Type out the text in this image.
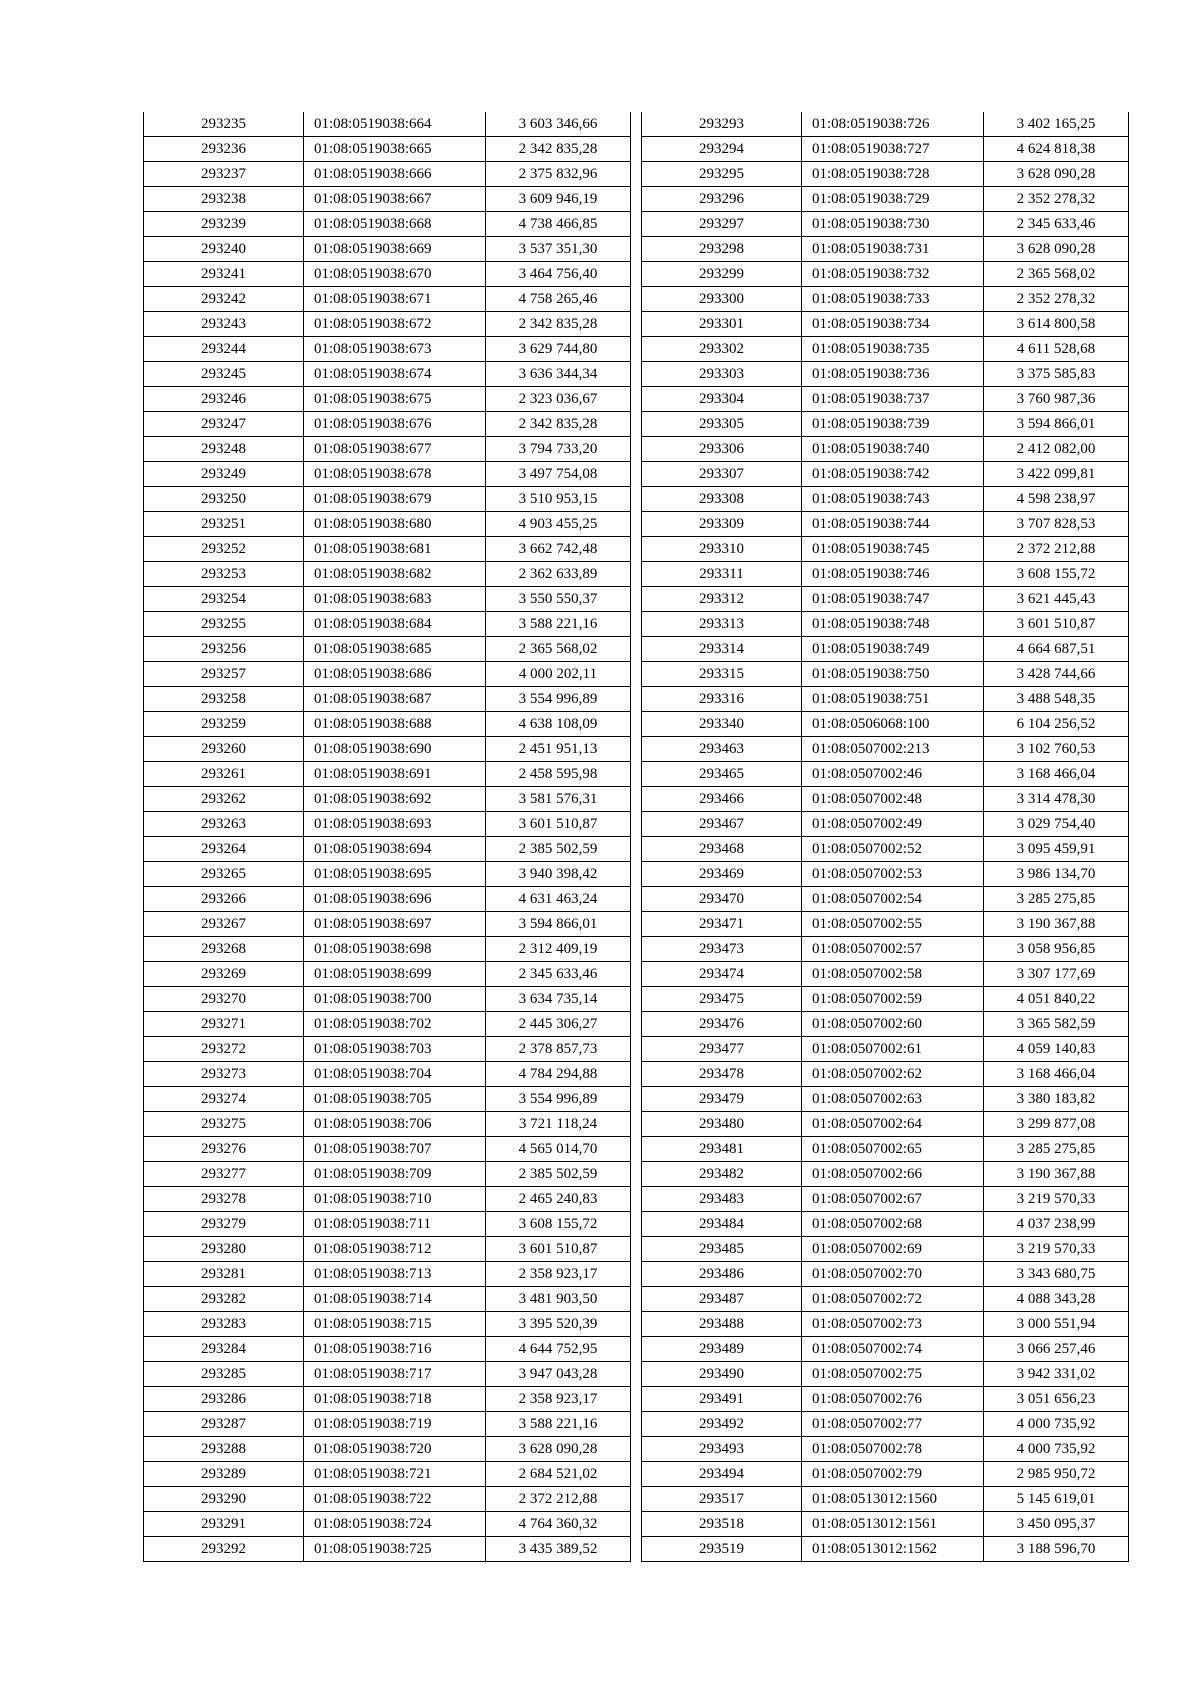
293235	01:08:0519038:664	3 603 346,66
293236	01:08:0519038:665	2 342 835,28
293237	01:08:0519038:666	2 375 832,96
293238	01:08:0519038:667	3 609 946,19
293239	01:08:0519038:668	4 738 466,85
293240	01:08:0519038:669	3 537 351,30
293241	01:08:0519038:670	3 464 756,40
293242	01:08:0519038:671	4 758 265,46
293243	01:08:0519038:672	2 342 835,28
293244	01:08:0519038:673	3 629 744,80
293245	01:08:0519038:674	3 636 344,34
293246	01:08:0519038:675	2 323 036,67
293247	01:08:0519038:676	2 342 835,28
293248	01:08:0519038:677	3 794 733,20
293249	01:08:0519038:678	3 497 754,08
293250	01:08:0519038:679	3 510 953,15
293251	01:08:0519038:680	4 903 455,25
293252	01:08:0519038:681	3 662 742,48
293253	01:08:0519038:682	2 362 633,89
293254	01:08:0519038:683	3 550 550,37
293255	01:08:0519038:684	3 588 221,16
293256	01:08:0519038:685	2 365 568,02
293257	01:08:0519038:686	4 000 202,11
293258	01:08:0519038:687	3 554 996,89
293259	01:08:0519038:688	4 638 108,09
293260	01:08:0519038:690	2 451 951,13
293261	01:08:0519038:691	2 458 595,98
293262	01:08:0519038:692	3 581 576,31
293263	01:08:0519038:693	3 601 510,87
293264	01:08:0519038:694	2 385 502,59
293265	01:08:0519038:695	3 940 398,42
293266	01:08:0519038:696	4 631 463,24
293267	01:08:0519038:697	3 594 866,01
293268	01:08:0519038:698	2 312 409,19
293269	01:08:0519038:699	2 345 633,46
293270	01:08:0519038:700	3 634 735,14
293271	01:08:0519038:702	2 445 306,27
293272	01:08:0519038:703	2 378 857,73
293273	01:08:0519038:704	4 784 294,88
293274	01:08:0519038:705	3 554 996,89
293275	01:08:0519038:706	3 721 118,24
293276	01:08:0519038:707	4 565 014,70
293277	01:08:0519038:709	2 385 502,59
293278	01:08:0519038:710	2 465 240,83
293279	01:08:0519038:711	3 608 155,72
293280	01:08:0519038:712	3 601 510,87
293281	01:08:0519038:713	2 358 923,17
293282	01:08:0519038:714	3 481 903,50
293283	01:08:0519038:715	3 395 520,39
293284	01:08:0519038:716	4 644 752,95
293285	01:08:0519038:717	3 947 043,28
293286	01:08:0519038:718	2 358 923,17
293287	01:08:0519038:719	3 588 221,16
293288	01:08:0519038:720	3 628 090,28
293289	01:08:0519038:721	2 684 521,02
293290	01:08:0519038:722	2 372 212,88
293291	01:08:0519038:724	4 764 360,32
293292	01:08:0519038:725	3 435 389,52
293293	01:08:0519038:726	3 402 165,25
293294	01:08:0519038:727	4 624 818,38
293295	01:08:0519038:728	3 628 090,28
293296	01:08:0519038:729	2 352 278,32
293297	01:08:0519038:730	2 345 633,46
293298	01:08:0519038:731	3 628 090,28
293299	01:08:0519038:732	2 365 568,02
293300	01:08:0519038:733	2 352 278,32
293301	01:08:0519038:734	3 614 800,58
293302	01:08:0519038:735	4 611 528,68
293303	01:08:0519038:736	3 375 585,83
293304	01:08:0519038:737	3 760 987,36
293305	01:08:0519038:739	3 594 866,01
293306	01:08:0519038:740	2 412 082,00
293307	01:08:0519038:742	3 422 099,81
293308	01:08:0519038:743	4 598 238,97
293309	01:08:0519038:744	3 707 828,53
293310	01:08:0519038:745	2 372 212,88
293311	01:08:0519038:746	3 608 155,72
293312	01:08:0519038:747	3 621 445,43
293313	01:08:0519038:748	3 601 510,87
293314	01:08:0519038:749	4 664 687,51
293315	01:08:0519038:750	3 428 744,66
293316	01:08:0519038:751	3 488 548,35
293340	01:08:0506068:100	6 104 256,52
293463	01:08:0507002:213	3 102 760,53
293465	01:08:0507002:46	3 168 466,04
293466	01:08:0507002:48	3 314 478,30
293467	01:08:0507002:49	3 029 754,40
293468	01:08:0507002:52	3 095 459,91
293469	01:08:0507002:53	3 986 134,70
293470	01:08:0507002:54	3 285 275,85
293471	01:08:0507002:55	3 190 367,88
293473	01:08:0507002:57	3 058 956,85
293474	01:08:0507002:58	3 307 177,69
293475	01:08:0507002:59	4 051 840,22
293476	01:08:0507002:60	3 365 582,59
293477	01:08:0507002:61	4 059 140,83
293478	01:08:0507002:62	3 168 466,04
293479	01:08:0507002:63	3 380 183,82
293480	01:08:0507002:64	3 299 877,08
293481	01:08:0507002:65	3 285 275,85
293482	01:08:0507002:66	3 190 367,88
293483	01:08:0507002:67	3 219 570,33
293484	01:08:0507002:68	4 037 238,99
293485	01:08:0507002:69	3 219 570,33
293486	01:08:0507002:70	3 343 680,75
293487	01:08:0507002:72	4 088 343,28
293488	01:08:0507002:73	3 000 551,94
293489	01:08:0507002:74	3 066 257,46
293490	01:08:0507002:75	3 942 331,02
293491	01:08:0507002:76	3 051 656,23
293492	01:08:0507002:77	4 000 735,92
293493	01:08:0507002:78	4 000 735,92
293494	01:08:0507002:79	2 985 950,72
293517	01:08:0513012:1560	5 145 619,01
293518	01:08:0513012:1561	3 450 095,37
293519	01:08:0513012:1562	3 188 596,70
